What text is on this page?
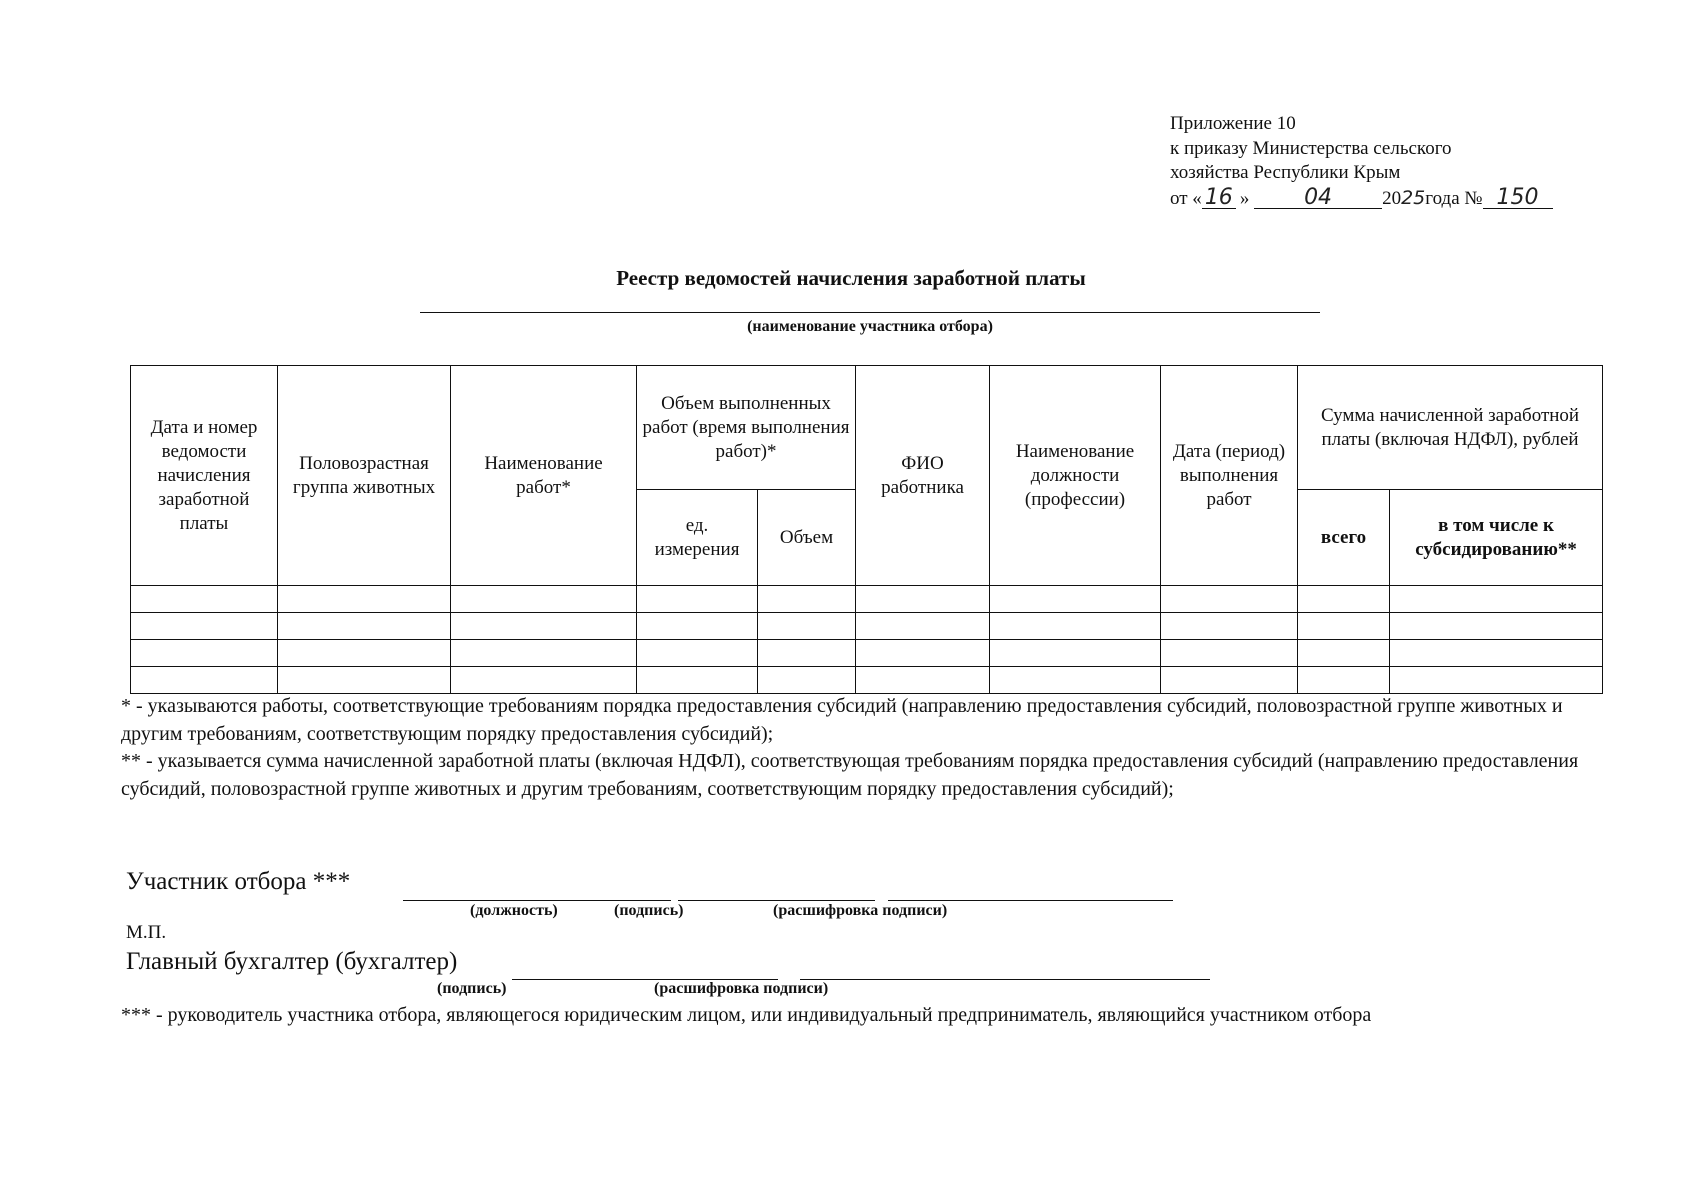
Приложение 10
к приказу Министерства сельского
хозяйства Республики Крым
от « 16 » 04	2025года № 150
Реестр ведомостей начисления заработной платы
(наименование участника отбора)
Дата и номер ведомости начисления заработной платы	Половозрастная группа животных	Наименование работ*	Объем выполненных работ (время выполнения работ)*		ФИО работника	Наименование должности (профессии)	Дата (период) выполнения работ	Сумма начисленной заработной платы (включая НДФЛ), рублей	
			ед. измерения	Объем				всего	в том числе к субсидированию**

* - указываются работы, соответствующие требованиям порядка предоставления субсидий (направлению предоставления субсидий, половозрастной группе животных и другим требованиям, соответствующим порядку предоставления субсидий);

** - указывается сумма начисленной заработной платы (включая НДФЛ), соответствующая требованиям порядка предоставления субсидий (направлению предоставления субсидий, половозрастной группе животных и другим требованиям, соответствующим порядку предоставления субсидий);

Участник отбора ***
(должность)	(подпись)	(расшифровка подписи)
М.П.
Главный бухгалтер (бухгалтер)
(подпись)	(расшифровка подписи)
*** - руководитель участника отбора, являющегося юридическим лицом, или индивидуальный предприниматель, являющийся участником отбора
